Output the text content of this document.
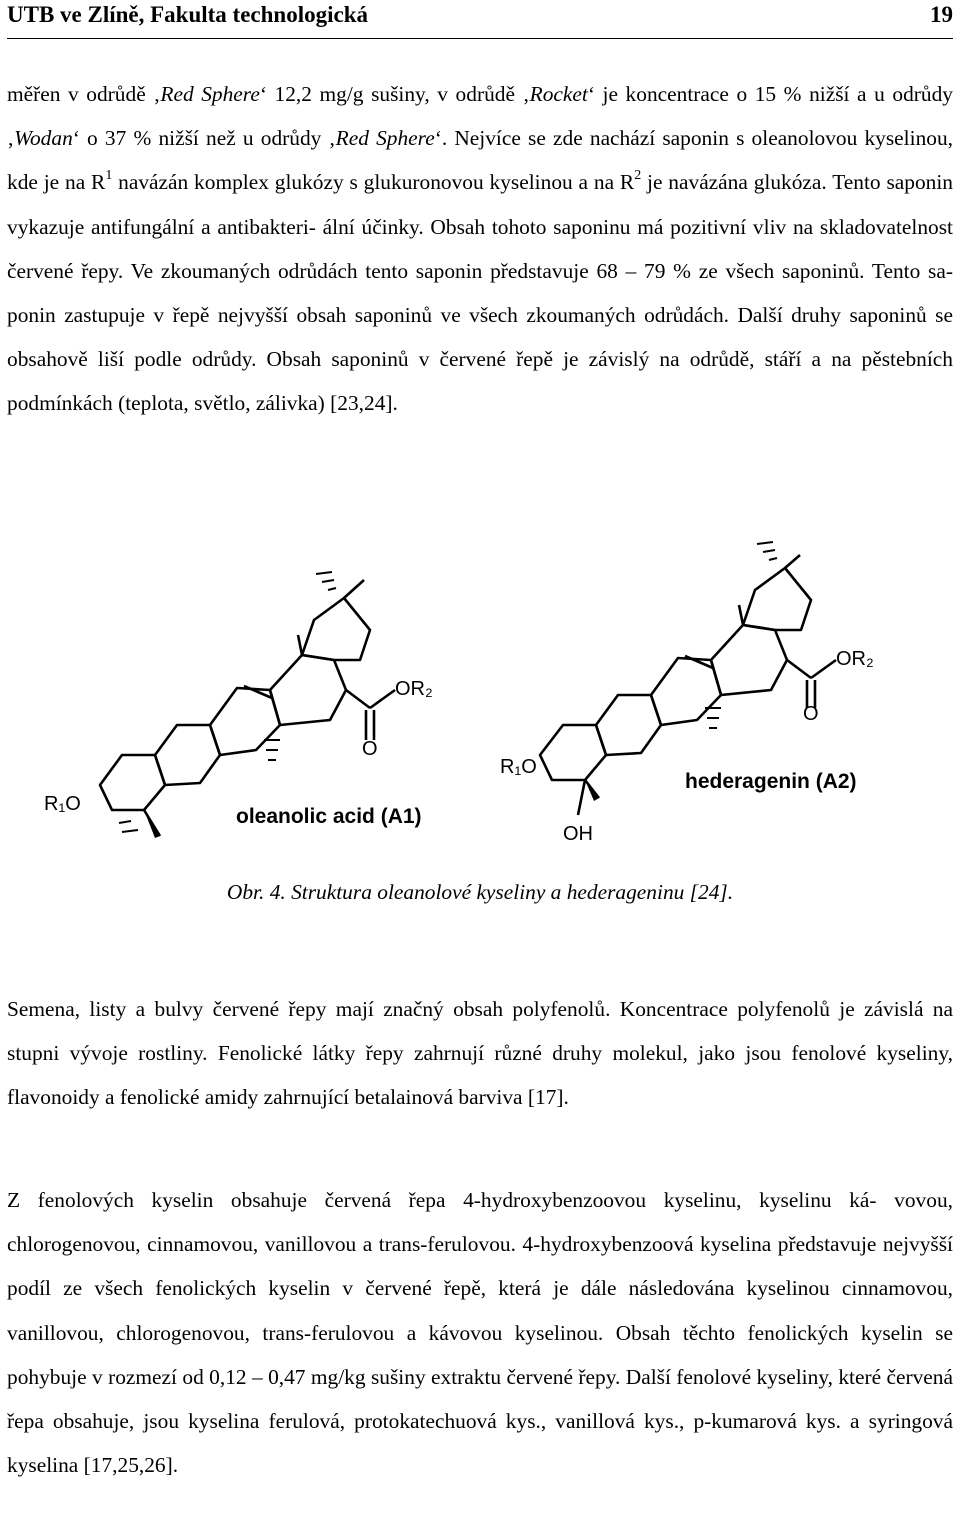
UTB ve Zlíně, Fakulta technologická	19

měřen v odrůdě ‚Red Sphere‘ 12,2 mg/g sušiny, v odrůdě ‚Rocket‘ je koncentrace o 15 % nižší a u odrůdy ‚Wodan‘ o 37 % nižší než u odrůdy ‚Red Sphere‘. Nejvíce se zde nachází saponin s oleanolovou kyselinou, kde je na $R^1$ navázán komplex glukózy s glukuronovou kyselinou a na $R^2$ je navázána glukóza. Tento saponin vykazuje antifungální a antibakteri- ální účinky. Obsah tohoto saponinu má pozitivní vliv na skladovatelnost červené řepy. Ve zkoumaných odrůdách tento saponin představuje 68 – 79 % ze všech saponinů. Tento sa- ponin zastupuje v řepě nejvyšší obsah saponinů ve všech zkoumaných odrůdách. Další druhy saponinů se obsahově liší podle odrůdy. Obsah saponinů v červené řepě je závislý na odrůdě, stáří a na pěstebních podmínkách (teplota, světlo, zálivka) [23,24].

R₁O
OR₂
O
R₁O
OR₂
O
OH
oleanolic acid (A1)
hederagenin (A2)
Obr. 4. Struktura oleanolové kyseliny a hederageninu [24].

Semena, listy a bulvy červené řepy mají značný obsah polyfenolů. Koncentrace polyfenolů je závislá na stupni vývoje rostliny. Fenolické látky řepy zahrnují různé druhy molekul, jako jsou fenolové kyseliny, flavonoidy a fenolické amidy zahrnující betalainová barviva [17].

Z fenolových kyselin obsahuje červená řepa 4-hydroxybenzoovou kyselinu, kyselinu ká- vovou, chlorogenovou, cinnamovou, vanillovou a trans-ferulovou. 4-hydroxybenzoová kyselina představuje nejvyšší podíl ze všech fenolických kyselin v červené řepě, která je dále následována kyselinou cinnamovou, vanillovou, chlorogenovou, trans-ferulovou a kávovou kyselinou. Obsah těchto fenolických kyselin se pohybuje v rozmezí od 0,12 – 0,47 mg/kg sušiny extraktu červené řepy. Další fenolové kyseliny, které červená řepa obsahuje, jsou kyselina ferulová, protokatechuová kys., vanillová kys., p-kumarová kys. a syringová kyselina [17,25,26].
